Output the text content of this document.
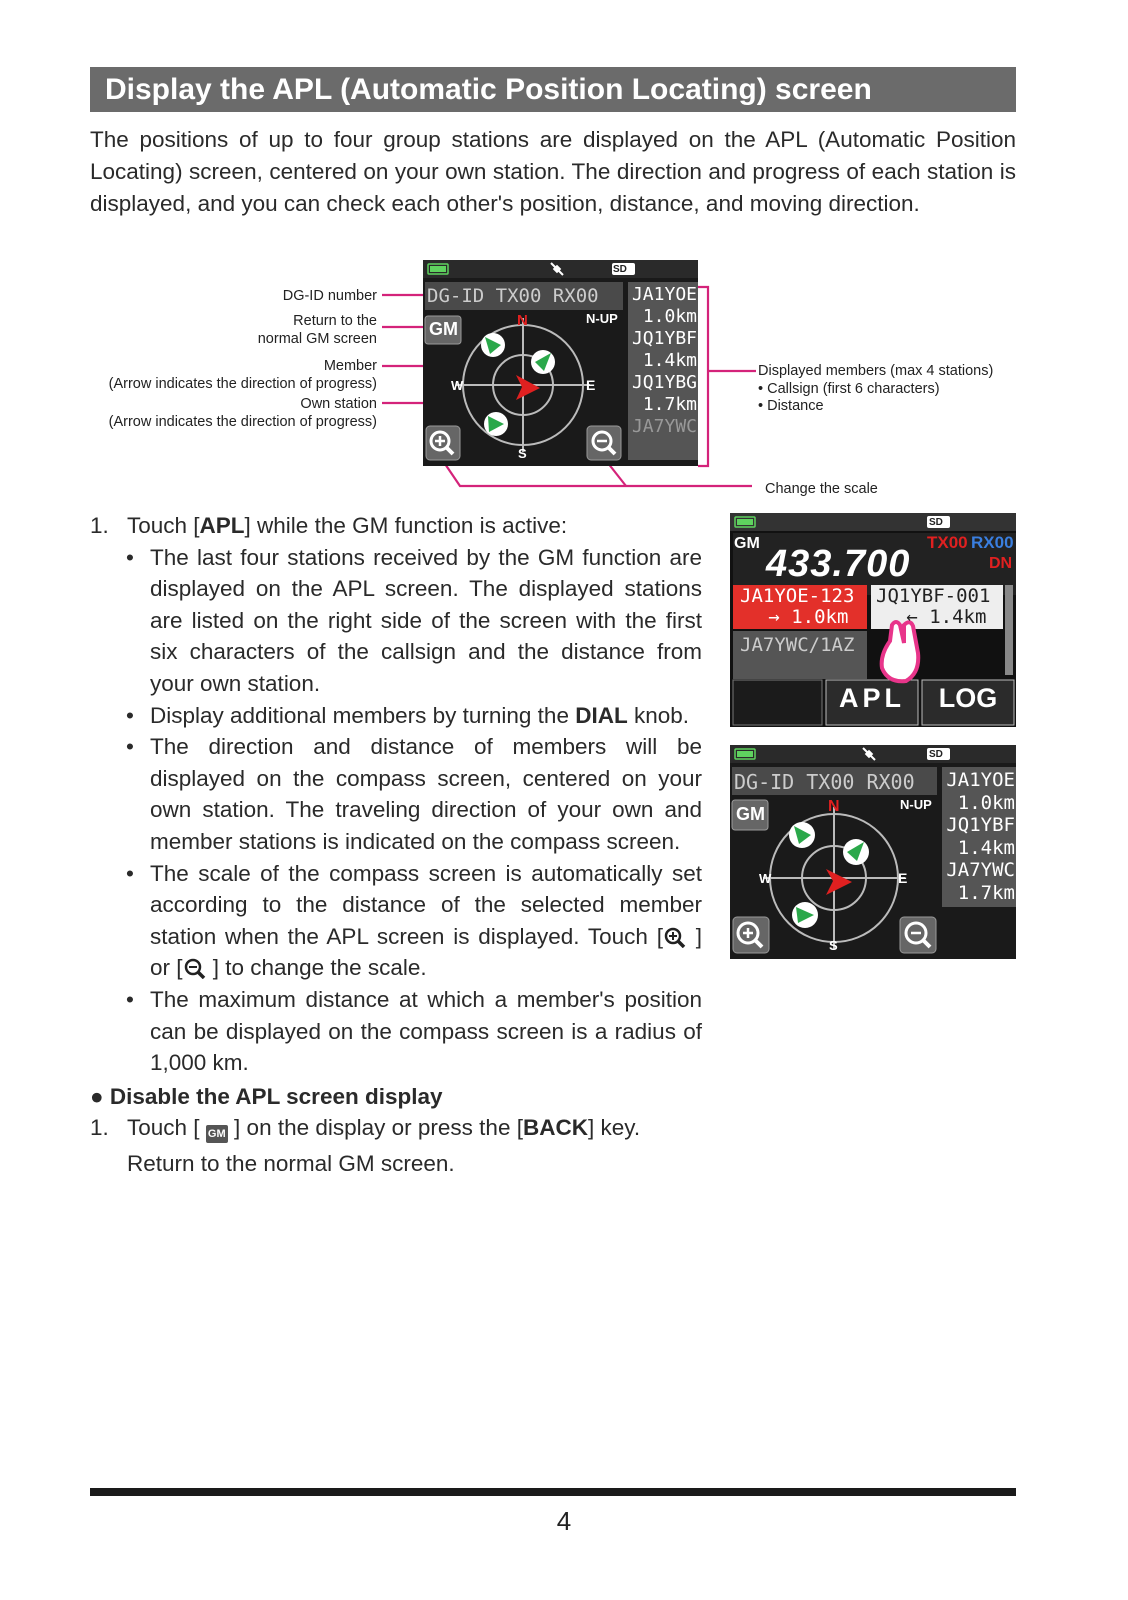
Display the APL (Automatic Position Locating) screen
The positions of up to four group stations are displayed on the APL (Automatic Position Locating) screen, centered on your own station. The direction and progress of each station is displayed, and you can check each other's position, distance, and moving direction.
DG-ID number
Return to the
normal GM screen
Member
(Arrow indicates the direction of progress)
Own station
(Arrow indicates the direction of progress)
Displayed members (max 4 stations)
• Callsign (first 6 characters)
• Distance
Change the scale
DG-ID TX00 RX00
GM
N-UP
N
S
E
W
SD
JA1YOE
1.0km
JQ1YBF
1.4km
JQ1YBG
1.7km
JA7YWC
SD
GM 433.700
TX00 RX00
DN
JA1YOE-123
→ 1.0km
JQ1YBF-001
← 1.4km
JA7YWC/1AZ
APL	LOG
DG-ID TX00 RX00
GM	N-UP
N
S
E
W
SD
JA1YOE
1.0km
JQ1YBF
1.4km
JA7YWC
1.7km

1. Touch [APL] while the GM function is active:

• The last four stations received by the GM function are displayed on the APL screen. The displayed stations are listed on the right side of the screen with the first six characters of the callsign and the distance from your own station.

• Display additional members by turning the DIAL knob.

• The direction and distance of members will be displayed on the compass screen, centered on your own station. The traveling direction of your own and member stations is indicated on the compass screen.

• The scale of the compass screen is automatically set according to the distance of the selected member station when the APL screen is displayed. Touch [ ] or [ ] to change the scale.

• The maximum distance at which a member's position can be displayed on the compass screen is a radius of 1,000 km.

● Disable the APL screen display

1. Touch [ GM ] on the display or press the [BACK] key.

Return to the normal GM screen.

4
